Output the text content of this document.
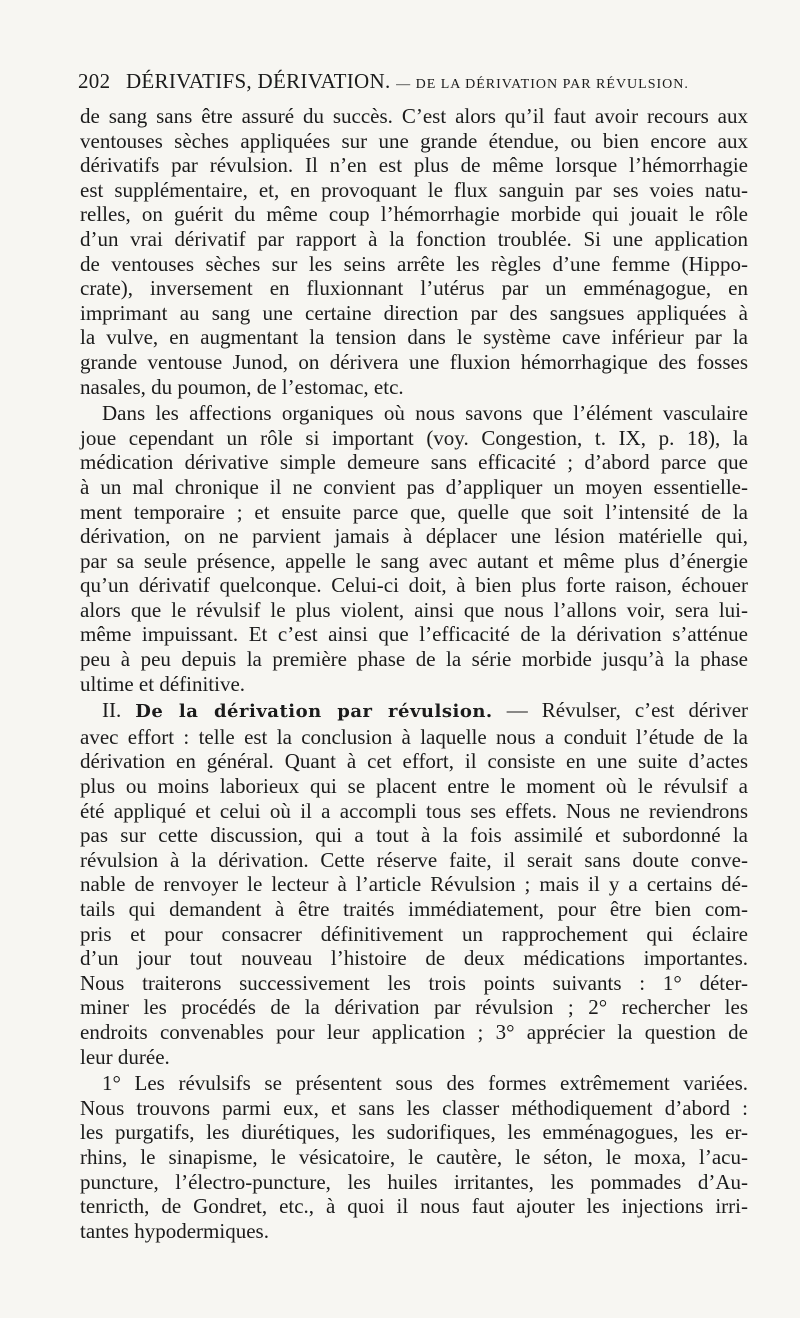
202 DÉRIVATIFS, DÉRIVATION. — DE LA DÉRIVATION PAR RÉVULSION.
de sang sans être assuré du succès. C’est alors qu’il faut avoir recours aux
ventouses sèches appliquées sur une grande étendue, ou bien encore aux
dérivatifs par révulsion. Il n’en est plus de même lorsque l’hémorrhagie
est supplémentaire, et, en provoquant le flux sanguin par ses voies natu-
relles, on guérit du même coup l’hémorrhagie morbide qui jouait le rôle
d’un vrai dérivatif par rapport à la fonction troublée. Si une application
de ventouses sèches sur les seins arrête les règles d’une femme (Hippo-
crate), inversement en fluxionnant l’utérus par un emménagogue, en
imprimant au sang une certaine direction par des sangsues appliquées à
la vulve, en augmentant la tension dans le système cave inférieur par la
grande ventouse Junod, on dérivera une fluxion hémorrhagique des fosses
nasales, du poumon, de l’estomac, etc.
Dans les affections organiques où nous savons que l’élément vasculaire
joue cependant un rôle si important (voy. Congestion, t. IX, p. 18), la
médication dérivative simple demeure sans efficacité ; d’abord parce que
à un mal chronique il ne convient pas d’appliquer un moyen essentielle-
ment temporaire ; et ensuite parce que, quelle que soit l’intensité de la
dérivation, on ne parvient jamais à déplacer une lésion matérielle qui,
par sa seule présence, appelle le sang avec autant et même plus d’énergie
qu’un dérivatif quelconque. Celui-ci doit, à bien plus forte raison, échouer
alors que le révulsif le plus violent, ainsi que nous l’allons voir, sera lui-
même impuissant. Et c’est ainsi que l’efficacité de la dérivation s’atténue
peu à peu depuis la première phase de la série morbide jusqu’à la phase
ultime et définitive.
II. De la dérivation par révulsion. — Révulser, c’est dériver
avec effort : telle est la conclusion à laquelle nous a conduit l’étude de la
dérivation en général. Quant à cet effort, il consiste en une suite d’actes
plus ou moins laborieux qui se placent entre le moment où le révulsif a
été appliqué et celui où il a accompli tous ses effets. Nous ne reviendrons
pas sur cette discussion, qui a tout à la fois assimilé et subordonné la
révulsion à la dérivation. Cette réserve faite, il serait sans doute conve-
nable de renvoyer le lecteur à l’article Révulsion ; mais il y a certains dé-
tails qui demandent à être traités immédiatement, pour être bien com-
pris et pour consacrer définitivement un rapprochement qui éclaire
d’un jour tout nouveau l’histoire de deux médications importantes.
Nous traiterons successivement les trois points suivants : 1° déter-
miner les procédés de la dérivation par révulsion ; 2° rechercher les
endroits convenables pour leur application ; 3° apprécier la question de
leur durée.
1° Les révulsifs se présentent sous des formes extrêmement variées.
Nous trouvons parmi eux, et sans les classer méthodiquement d’abord :
les purgatifs, les diurétiques, les sudorifiques, les emménagogues, les er-
rhins, le sinapisme, le vésicatoire, le cautère, le séton, le moxa, l’acu-
puncture, l’électro-puncture, les huiles irritantes, les pommades d’Au-
tenricth, de Gondret, etc., à quoi il nous faut ajouter les injections irri-
tantes hypodermiques.
